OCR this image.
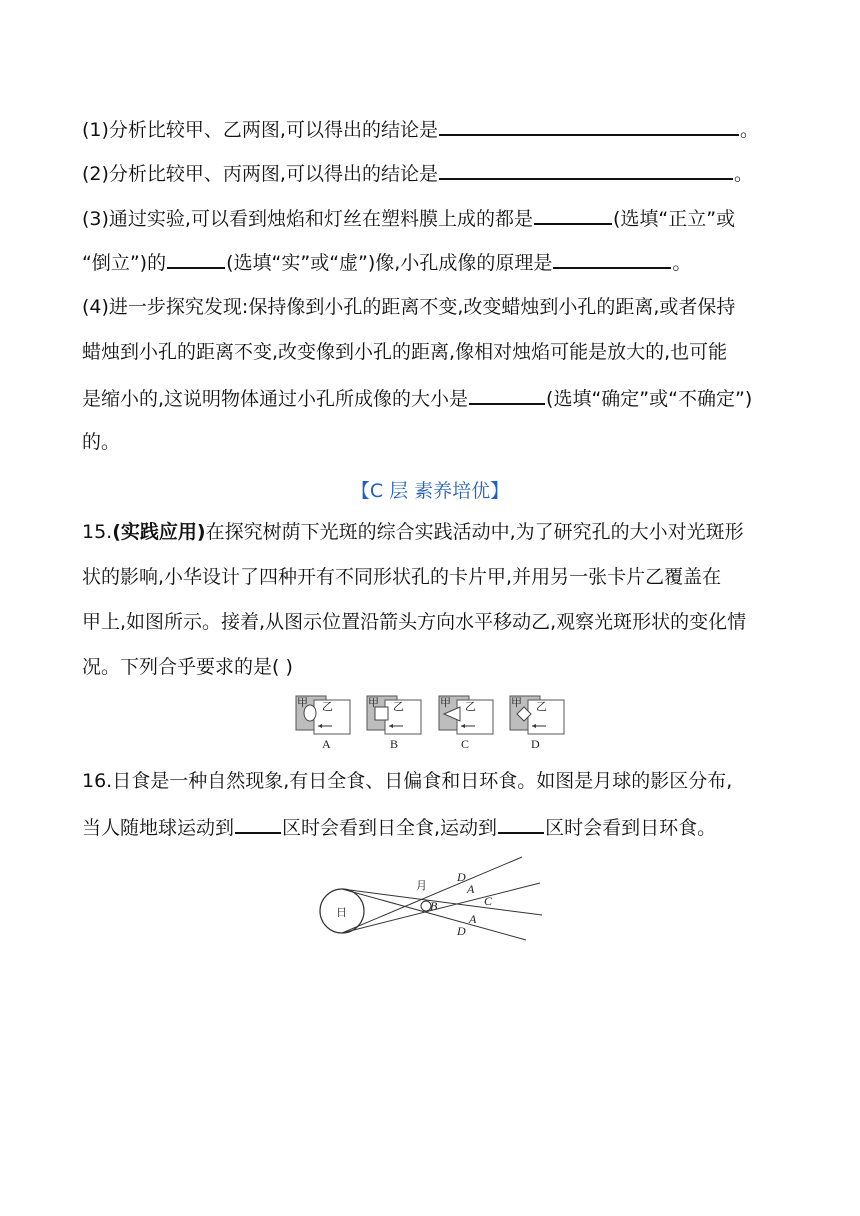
(1)分析比较甲、乙两图,可以得出的结论是	。
(2)分析比较甲、丙两图,可以得出的结论是	。
(3)通过实验,可以看到烛焰和灯丝在塑料膜上成的都是	(选填“正立”或
“倒立”)的	(选填“实”或“虚”)像,小孔成像的原理是	。
(4)进一步探究发现:保持像到小孔的距离不变,改变蜡烛到小孔的距离,或者保持
蜡烛到小孔的距离不变,改变像到小孔的距离,像相对烛焰可能是放大的,也可能
是缩小的,这说明物体通过小孔所成像的大小是	(选填“确定”或“不确定”)
的。
【C 层 素养培优】
15.(实践应用)在探究树荫下光斑的综合实践活动中,为了研究孔的大小对光斑形
状的影响,小华设计了四种开有不同形状孔的卡片甲,并用另一张卡片乙覆盖在
甲上,如图所示。接着,从图示位置沿箭头方向水平移动乙,观察光斑形状的变化情
况。下列合乎要求的是( )
甲 乙
A
甲 乙
B
甲 乙
C
甲 乙
D
16.日食是一种自然现象,有日全食、日偏食和日环食。如图是月球的影区分布,
当人随地球运动到	区时会看到日全食,运动到	区时会看到日环食。
日
月
D
A
B	C
A
D
